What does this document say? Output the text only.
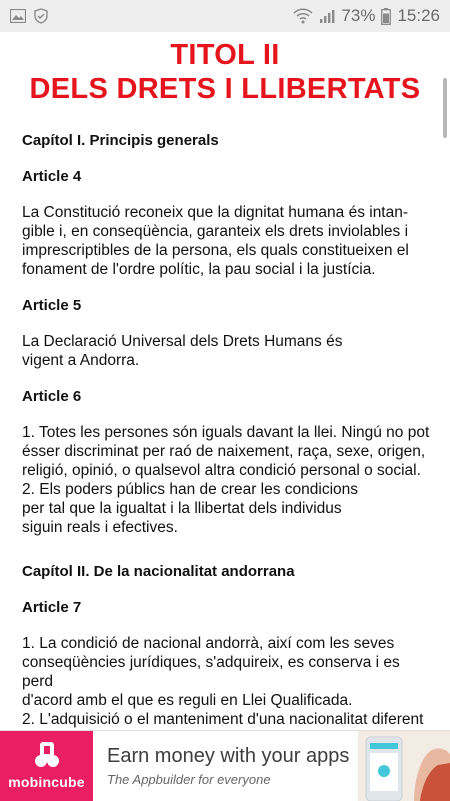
73% 15:26
TITOL II
DELS DRETS I LLIBERTATS
Capítol I. Principis generals
Article 4
La Constitució reconeix que la dignitat humana és intan-
gible i, en conseqüència, garanteix els drets inviolables i
imprescriptibles de la persona, els quals constitueixen el
fonament de l'ordre polític, la pau social i la justícia.
Article 5
La Declaració Universal dels Drets Humans és
vigent a Andorra.
Article 6
1. Totes les persones són iguals davant la llei. Ningú no pot
ésser discriminat per raó de naixement, raça, sexe, origen,
religió, opinió, o qualsevol altra condició personal o social.
2. Els poders públics han de crear les condicions
per tal que la igualtat i la llibertat dels individus
siguin reals i efectives.
Capítol II. De la nacionalitat andorrana
Article 7
1. La condició de nacional andorrà, així com les seves
conseqüències jurídiques, s'adquireix, es conserva i es perd
d'acord amb el que es reguli en Llei Qualificada.
2. L'adquisició o el manteniment d'una nacionalitat diferent

mobincube
Earn money with your apps
The Appbuilder for everyone
